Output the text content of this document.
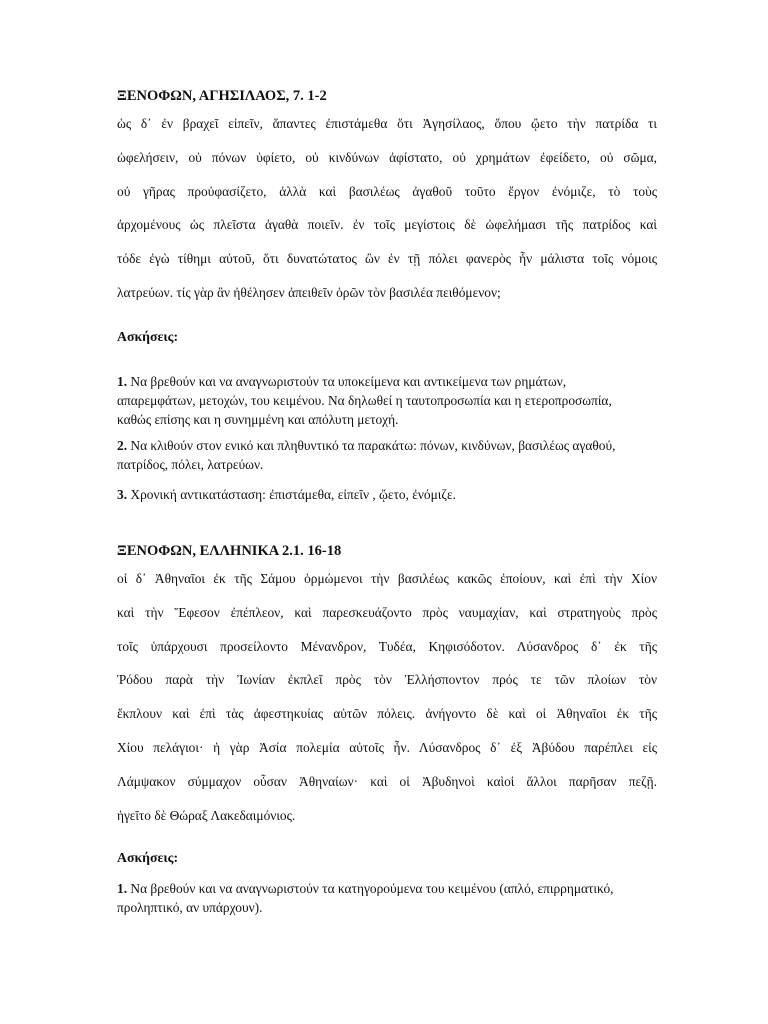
ΞΕΝΟΦΩΝ, ΑΓΗΣΙΛΑΟΣ, 7. 1-2

ὡς δ᾽ ἐν βραχεῖ εἰπεῖν, ἅπαντες ἐπιστάμεθα ὅτι Ἀγησίλαος, ὅπου ᾤετο τὴν πατρίδα τι
ὠφελήσειν, οὐ πόνων ὑφίετο, οὐ κινδύνων ἀφίστατο, οὐ χρημάτων ἐφείδετο, οὐ σῶμα,
οὐ γῆρας προὐφασίζετο, ἀλλὰ καὶ βασιλέως ἀγαθοῦ τοῦτο ἔργον ἐνόμιζε, τὸ τοὺς
ἀρχομένους ὡς πλεῖστα ἀγαθὰ ποιεῖν. ἐν τοῖς μεγίστοις δὲ ὠφελήμασι τῆς πατρίδος καὶ
τόδε ἐγὼ τίθημι αὐτοῦ, ὅτι δυνατώτατος ὢν ἐν τῇ πόλει φανερὸς ἦν μάλιστα τοῖς νόμοις
λατρεύων. τίς γὰρ ἂν ἠθέλησεν ἀπειθεῖν ὁρῶν τὸν βασιλέα πειθόμενον;

Ασκήσεις:

1. Να βρεθούν και να αναγνωριστούν τα υποκείμενα και αντικείμενα των ρημάτων, απαρεμφάτων, μετοχών, του κειμένου. Να δηλωθεί η ταυτοπροσωπία και η ετεροπροσωπία, καθώς επίσης και η συνημμένη και απόλυτη μετοχή.

2. Να κλιθούν στον ενικό και πληθυντικό τα παρακάτω: πόνων, κινδύνων, βασιλέως αγαθού, πατρίδος, πόλει, λατρεύων.

3. Χρονική αντικατάσταση: ἐπιστάμεθα, εἰπεῖν , ᾤετο, ἐνόμιζε.

ΞΕΝΟΦΩΝ, ΕΛΛΗΝΙΚΑ 2.1. 16-18

οἱ δ᾽ Ἀθηναῖοι ἐκ τῆς Σάμου ὁρμώμενοι τὴν βασιλέως κακῶς ἐποίουν, καὶ ἐπὶ τὴν Χίον
καὶ τὴν Ἔφεσον ἐπέπλεον, καὶ παρεσκευάζοντο πρὸς ναυμαχίαν, καὶ στρατηγοὺς πρὸς
τοῖς ὑπάρχουσι προσείλοντο Μένανδρον, Τυδέα, Κηφισόδοτον. Λύσανδρος δ᾽ ἐκ τῆς
Ῥόδου παρὰ τὴν Ἰωνίαν ἐκπλεῖ πρὸς τὸν Ἑλλήσποντον πρός τε τῶν πλοίων τὸν
ἔκπλουν καὶ ἐπὶ τὰς ἀφεστηκυίας αὐτῶν πόλεις. ἀνήγοντο δὲ καὶ οἱ Ἀθηναῖοι ἐκ τῆς
Χίου πελάγιοι· ἡ γὰρ Ἀσία πολεμία αὐτοῖς ἦν. Λύσανδρος δ᾽ ἐξ Ἀβύδου παρέπλει εἰς
Λάμψακον σύμμαχον οὖσαν Ἀθηναίων· καὶ οἱ Ἀβυδηνοὶ καὶοἱ ἄλλοι παρῆσαν πεζῇ.
ἡγεῖτο δὲ Θώραξ Λακεδαιμόνιος.

Ασκήσεις:

1. Να βρεθούν και να αναγνωριστούν τα κατηγορούμενα του κειμένου (απλό, επιρρηματικό, προληπτικό, αν υπάρχουν).
